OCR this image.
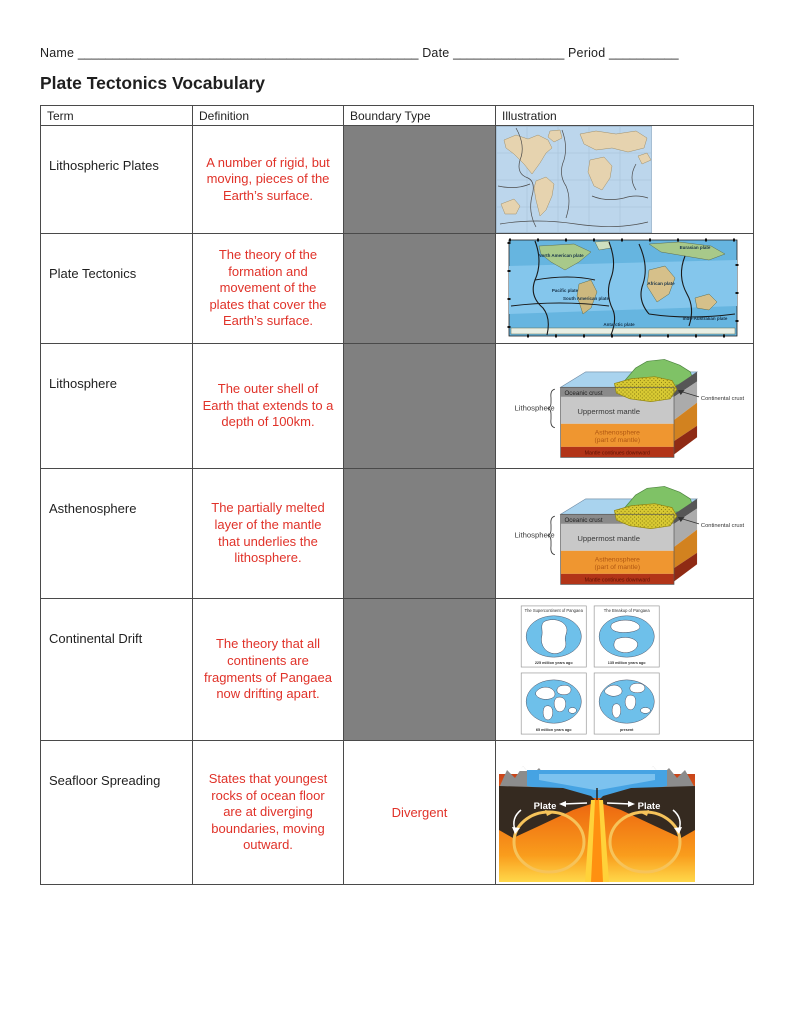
Name _________________________________________________ Date ________________ Period __________
Plate Tectonics Vocabulary
Term	Definition	Boundary Type	Illustration
Lithospheric Plates	A number of rigid, but moving, pieces of the Earth’s surface.		

Plate Tectonics	The theory of the formation and movement of the plates that cover the Earth’s surface.		
North American plate
Eurasian plate
Pacific plate
African plate
South American plate
Indo-Australian plate
Antarctic plate

Lithosphere	The outer shell of Earth that extends to a depth of 100km.		
Oceanic crust
Uppermost mantle
Asthenosphere
(part of mantle)
Mantle continues downward
Lithosphere
Continental crust

Asthenosphere	The partially melted layer of the mantle that underlies the lithosphere.		
Oceanic crust
Uppermost mantle
Asthenosphere
(part of mantle)
Mantle continues downward
Lithosphere
Continental crust

Continental Drift	The theory that all continents are fragments of Pangaea now drifting apart.		
The Supercontinent of Pangaea
225 million years ago
The Breakup of Pangaea
135 million years ago
65 million years ago	present

Seafloor Spreading	States that youngest rocks of ocean floor are at diverging boundaries, moving outward.	Divergent	Plate Plate
